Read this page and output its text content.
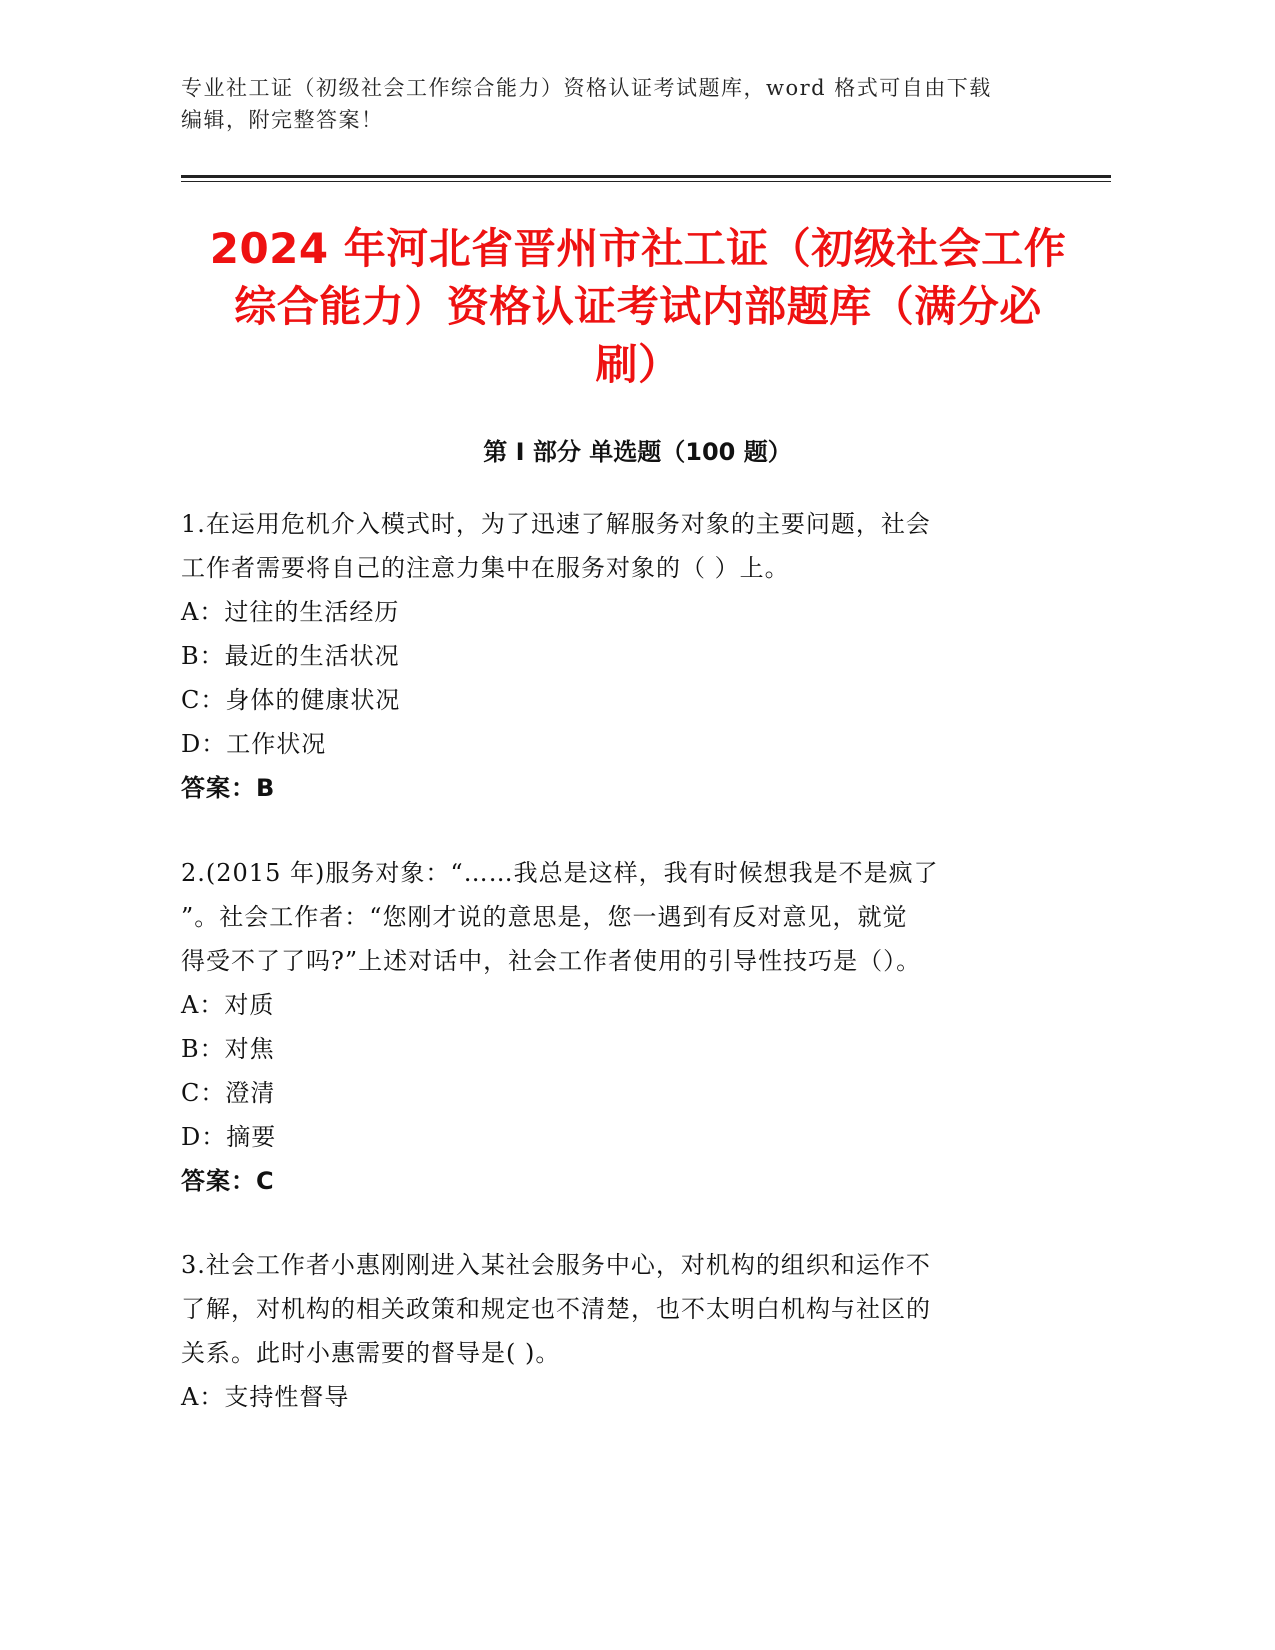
专业社工证（初级社会工作综合能力）资格认证考试题库，word 格式可自由下载
编辑，附完整答案！
2024 年河北省晋州市社工证（初级社会工作
综合能力）资格认证考试内部题库（满分必
刷）
第 I 部分 单选题（100 题）
1.在运用危机介入模式时，为了迅速了解服务对象的主要问题，社会
工作者需要将自己的注意力集中在服务对象的（ ）上。
A：过往的生活经历
B：最近的生活状况
C：身体的健康状况
D：工作状况
答案：B
2.(2015 年)服务对象：“……我总是这样，我有时候想我是不是疯了
”。社会工作者：“您刚才说的意思是，您一遇到有反对意见，就觉
得受不了了吗?”上述对话中，社会工作者使用的引导性技巧是（）。
A：对质
B：对焦
C：澄清
D：摘要
答案：C
3.社会工作者小惠刚刚进入某社会服务中心，对机构的组织和运作不
了解，对机构的相关政策和规定也不清楚，也不太明白机构与社区的
关系。此时小惠需要的督导是( )。
A：支持性督导
